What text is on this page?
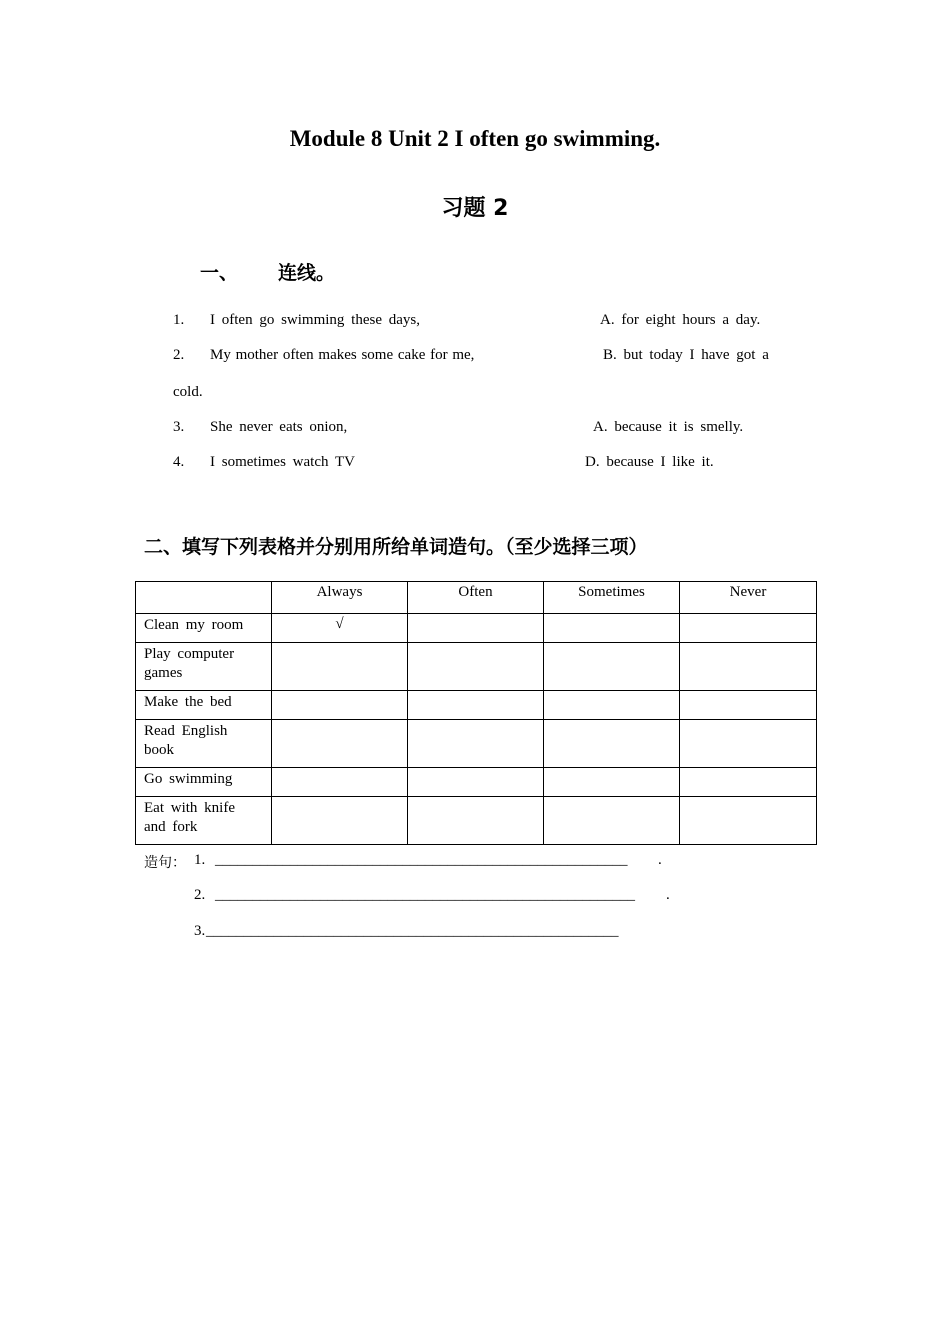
Module 8 Unit 2 I often go swimming.
习题 2
一、 连线。
1. I often go swimming these days,	A. for eight hours a day.
2. My mother often makes some cake for me,	B. but today I have got a
cold.
3. She never eats onion,	A. because it is smelly.
4. I sometimes watch TV	D. because I like it.
二、填写下列表格并分别用所给单词造句。（至少选择三项）
	Always	Often	Sometimes	Never
Clean my room	√			
Play computer games				
Make the bed				
Read English book				
Go swimming				
Eat with knife and fork				
造句： 1. _______________________________________________________ .
2. ________________________________________________________ .
3. _______________________________________________________
